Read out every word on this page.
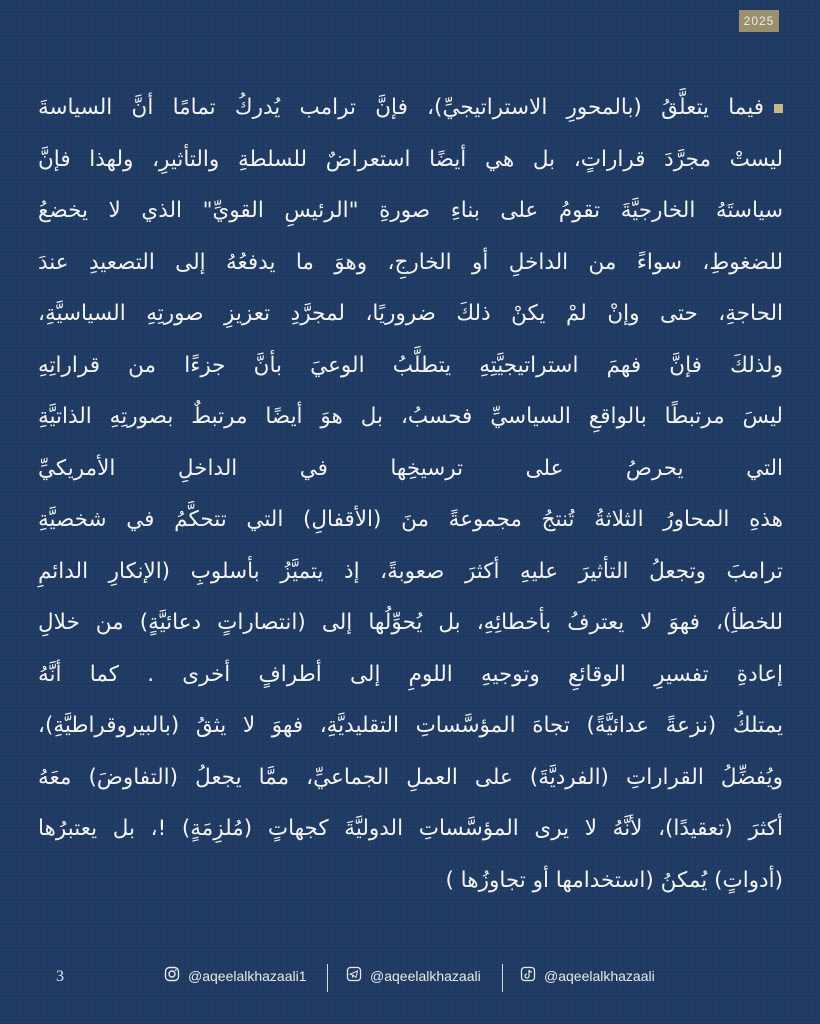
2025
فيما يتعلَّقُ (بالمحورِ الاستراتيجيِّ)، فإنَّ ترامب يُدركُ تمامًا أنَّ السياسةَ
ليستْ مجرَّدَ قراراتٍ، بل هي أيضًا استعراضٌ للسلطةِ والتأثيرِ، ولهذا فإنَّ
سياستَهُ الخارجيَّةَ تقومُ على بناءِ صورةِ "الرئيسِ القويِّ" الذي لا يخضعُ
للضغوطِ، سواءً من الداخلِ أو الخارجِ، وهوَ ما يدفعُهُ إلى التصعيدِ عندَ
الحاجةِ، حتى وإنْ لمْ يكنْ ذلكَ ضروريًا، لمجرَّدِ تعزيزِ صورتِهِ السياسيَّةِ،
ولذلكَ فإنَّ فهمَ استراتيجيَّتِهِ يتطلَّبُ الوعيَ بأنَّ جزءًا من قراراتِهِ
ليسَ مرتبطًا بالواقعِ السياسيِّ فحسبُ، بل هوَ أيضًا مرتبطٌ بصورتِهِ الذاتيَّةِ
التي يحرصُ على ترسيخِها في الداخلِ الأمريكيِّ
هذهِ المحاورُ الثلاثةُ تُنتجُ مجموعةً منَ (الأقفالِ) التي تتحكَّمُ في شخصيَّةِ
ترامبَ وتجعلُ التأثيرَ عليهِ أكثرَ صعوبةً، إذ يتميَّزُ بأسلوبِ (الإنكارِ الدائمِ
للخطأِ)، فهوَ لا يعترفُ بأخطائِهِ، بل يُحوِّلُها إلى (انتصاراتٍ دعائيَّةٍ) من خلالِ
إعادةِ تفسيرِ الوقائعِ وتوجيهِ اللومِ إلى أطرافٍ أخرى . كما أنَّهُ
يمتلكُ (نزعةً عدائيَّةً) تجاهَ المؤسَّساتِ التقليديَّةِ، فهوَ لا يثقُ (بالبيروقراطيَّةِ)،
ويُفضِّلُ القراراتِ (الفرديَّةَ) على العملِ الجماعيِّ، ممَّا يجعلُ (التفاوضَ) معَهُ
أكثرَ (تعقيدًا)، لأنَّهُ لا يرى المؤسَّساتِ الدوليَّةَ كجهاتٍ (مُلزِمَةٍ) !، بل يعتبرُها
(أدواتٍ) يُمكنُ (استخدامها أو تجاوزُها )
3	@aqeelalkhazaali1	@aqeelalkhazaali	@aqeelalkhazaali
